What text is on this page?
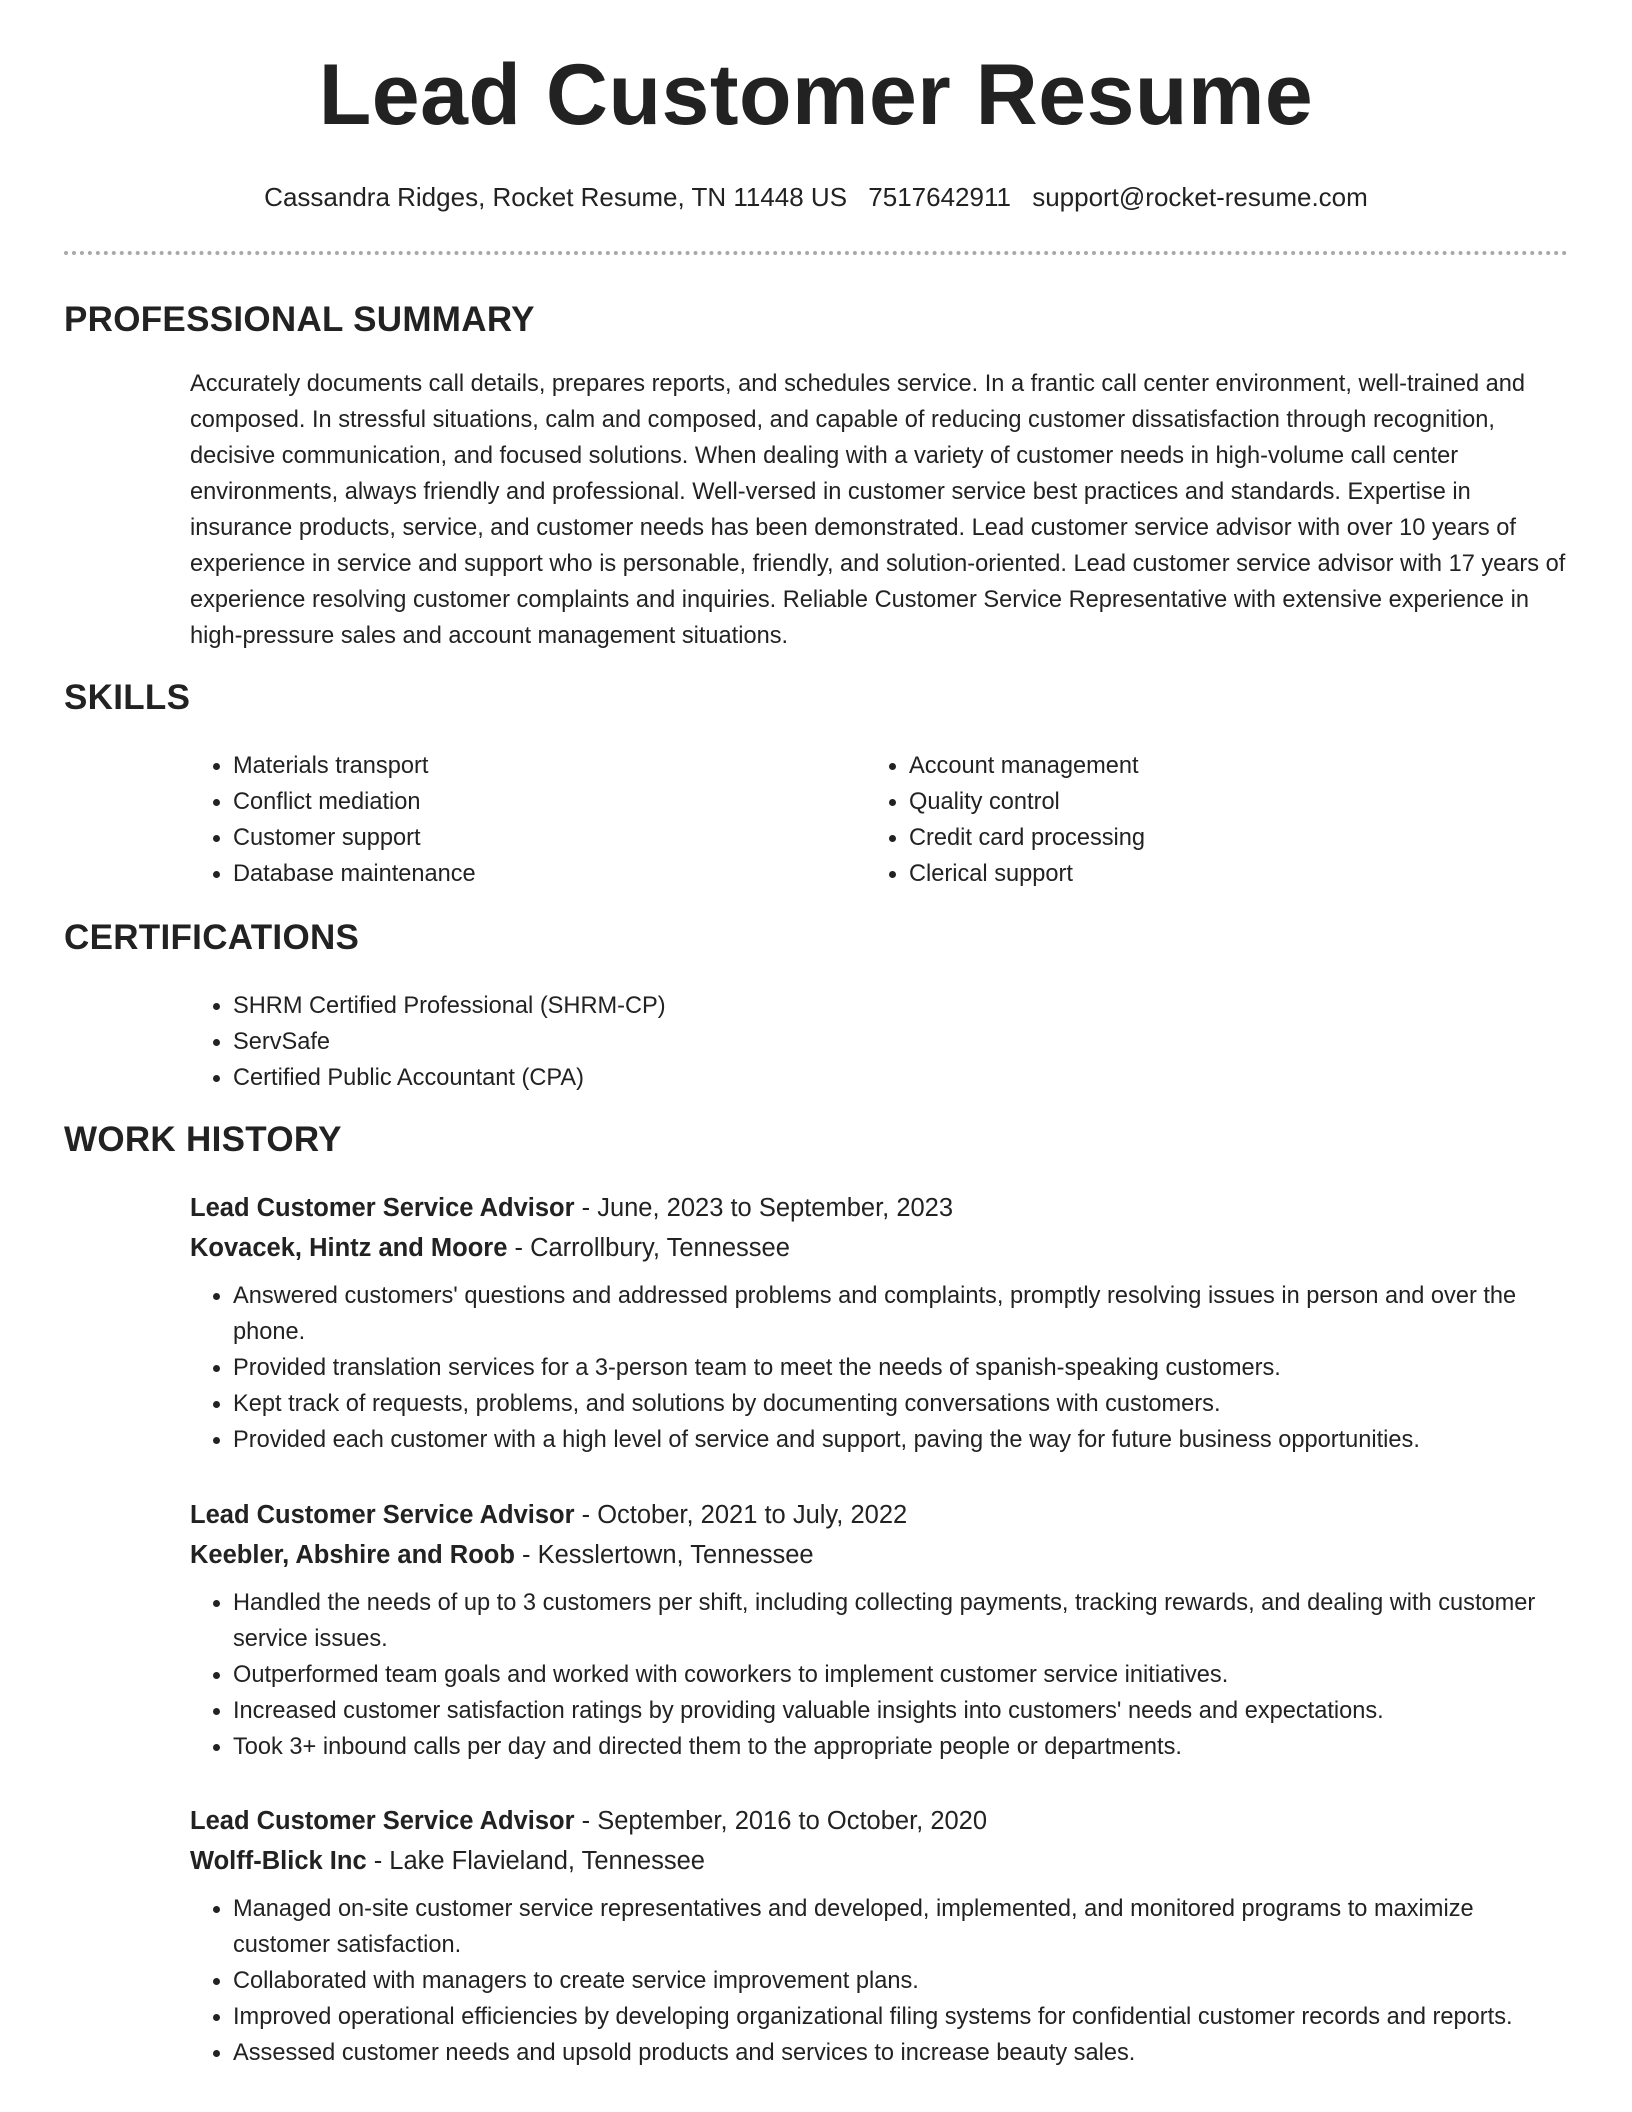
Lead Customer Resume
Cassandra Ridges, Rocket Resume, TN 11448 US 7517642911 support@rocket-resume.com
PROFESSIONAL SUMMARY

Accurately documents call details, prepares reports, and schedules service. In a frantic call center environment, well-trained and composed. In stressful situations, calm and composed, and capable of reducing customer dissatisfaction through recognition, decisive communication, and focused solutions. When dealing with a variety of customer needs in high-volume call center environments, always friendly and professional. Well-versed in customer service best practices and standards. Expertise in insurance products, service, and customer needs has been demonstrated. Lead customer service advisor with over 10 years of experience in service and support who is personable, friendly, and solution-oriented. Lead customer service advisor with 17 years of experience resolving customer complaints and inquiries. Reliable Customer Service Representative with extensive experience in high-pressure sales and account management situations.

SKILLS
• Materials transport
• Conflict mediation
• Customer support
• Database maintenance
• Account management
• Quality control
• Credit card processing
• Clerical support
CERTIFICATIONS
• SHRM Certified Professional (SHRM-CP)
• ServSafe
• Certified Public Accountant (CPA)
WORK HISTORY
Lead Customer Service Advisor - June, 2023 to September, 2023
Kovacek, Hintz and Moore - Carrollbury, Tennessee
• Answered customers' questions and addressed problems and complaints, promptly resolving issues in person and over the phone.
• Provided translation services for a 3-person team to meet the needs of spanish-speaking customers.
• Kept track of requests, problems, and solutions by documenting conversations with customers.
• Provided each customer with a high level of service and support, paving the way for future business opportunities.
Lead Customer Service Advisor - October, 2021 to July, 2022
Keebler, Abshire and Roob - Kesslertown, Tennessee
• Handled the needs of up to 3 customers per shift, including collecting payments, tracking rewards, and dealing with customer service issues.
• Outperformed team goals and worked with coworkers to implement customer service initiatives.
• Increased customer satisfaction ratings by providing valuable insights into customers' needs and expectations.
• Took 3+ inbound calls per day and directed them to the appropriate people or departments.
Lead Customer Service Advisor - September, 2016 to October, 2020
Wolff-Blick Inc - Lake Flavieland, Tennessee
• Managed on-site customer service representatives and developed, implemented, and monitored programs to maximize customer satisfaction.
• Collaborated with managers to create service improvement plans.
• Improved operational efficiencies by developing organizational filing systems for confidential customer records and reports.
• Assessed customer needs and upsold products and services to increase beauty sales.
